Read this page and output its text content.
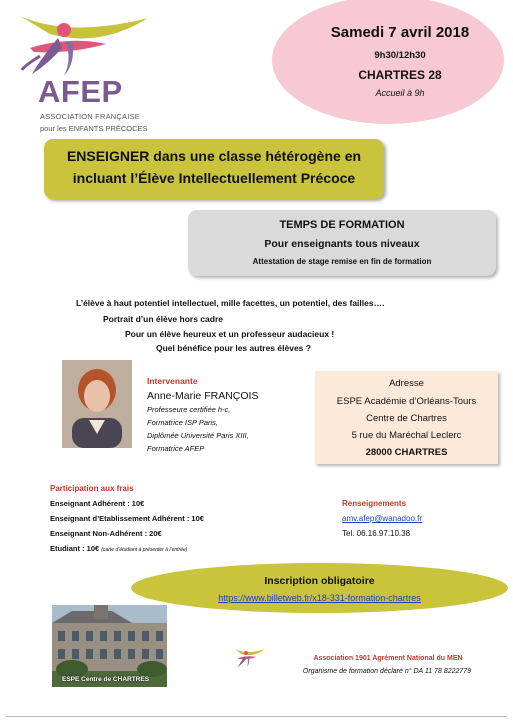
AFEP
ASSOCIATION FRANÇAISE
pour les ENFANTS PRÉCOCES
Samedi 7 avril 2018
9h30/12h30
CHARTRES 28
Accueil à 9h
ENSEIGNER dans une classe hétérogène en
incluant l’Élève Intellectuellement Précoce
TEMPS DE FORMATION
Pour enseignants tous niveaux
Attestation de stage remise en fin de formation
L’élève à haut potentiel intellectuel, mille facettes, un potentiel, des failles….
Portrait d’un élève hors cadre
Pour un élève heureux et un professeur audacieux !
Quel bénéfice pour les autres élèves ?
Intervenante
Anne-Marie FRANÇOIS
Professeure certifiée h-c,
Formatrice ISP Paris,
Diplômée Université Paris XIII,
Formatrice AFEP
Adresse
ESPE Académie d’Orléans-Tours
Centre de Chartres
5 rue du Maréchal Leclerc
28000 CHARTRES
Participation aux frais
Enseignant Adhérent : 10€
Enseignant d’Etablissement Adhérent : 10€
Enseignant Non-Adhérent : 20€
Etudiant : 10€ (carte d’étudiant à présenter à l’entrée)
Renseignements
amv.afep@wanadoo.fr
Tel. 06.16.97.10.38
Inscription obligatoire
https://www.billetweb.fr/x18-331-formation-chartres
ESPE Centre de CHARTRES
Association 1901 Agrément National du MEN
Organisme de formation déclaré n° DA 11 78 8222779
